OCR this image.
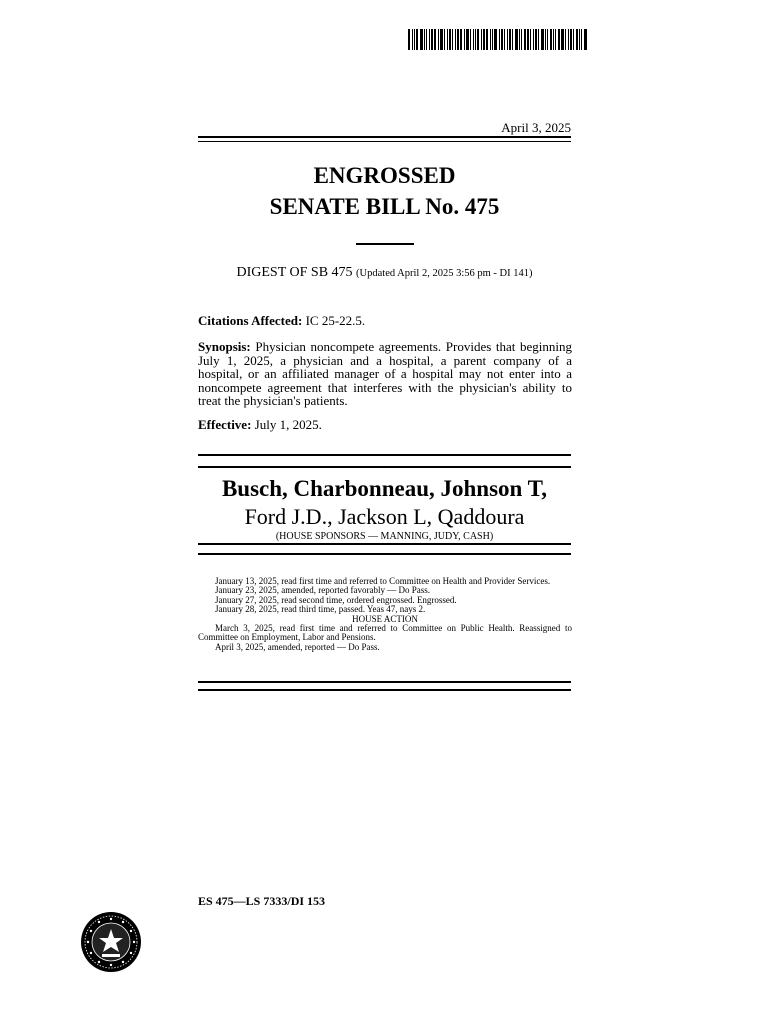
April 3, 2025
ENGROSSED
SENATE BILL No. 475
DIGEST OF SB 475 (Updated April 2, 2025 3:56 pm - DI 141)
Citations Affected: IC 25-22.5.
Synopsis: Physician noncompete agreements. Provides that beginning July 1, 2025, a physician and a hospital, a parent company of a hospital, or an affiliated manager of a hospital may not enter into a noncompete agreement that interferes with the physician's ability to treat the physician's patients.
Effective: July 1, 2025.
Busch, Charbonneau, Johnson T,
Ford J.D., Jackson L, Qaddoura
(HOUSE SPONSORS — MANNING, JUDY, CASH)
January 13, 2025, read first time and referred to Committee on Health and Provider Services.
January 23, 2025, amended, reported favorably — Do Pass.
January 27, 2025, read second time, ordered engrossed. Engrossed.
January 28, 2025, read third time, passed. Yeas 47, nays 2.
HOUSE ACTION
March 3, 2025, read first time and referred to Committee on Public Health. Reassigned to Committee on Employment, Labor and Pensions.
April 3, 2025, amended, reported — Do Pass.
ES 475—LS 7333/DI 153
